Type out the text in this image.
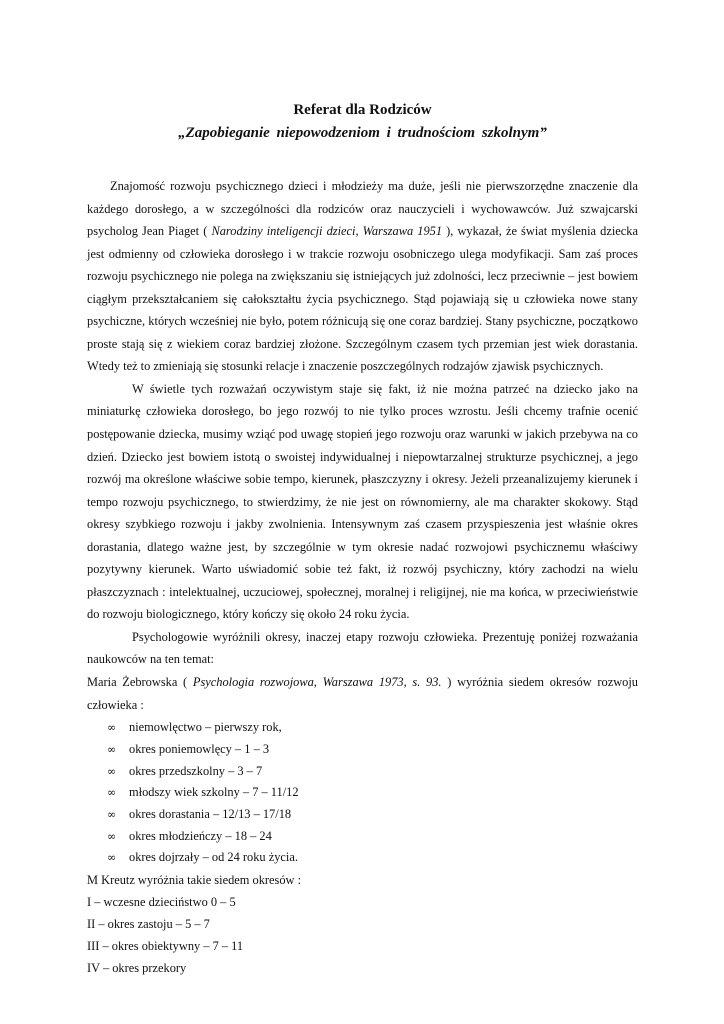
Referat dla Rodziców

„Zapobieganie niepowodzeniom i trudnościom szkolnym”

Znajomość rozwoju psychicznego dzieci i młodzieży ma duże, jeśli nie pierwszorzędne znaczenie dla każdego dorosłego, a w szczególności dla rodziców oraz nauczycieli i wychowawców. Już szwajcarski psycholog Jean Piaget ( Narodziny inteligencji dzieci, Warszawa 1951 ), wykazał, że świat myślenia dziecka jest odmienny od człowieka dorosłego i w trakcie rozwoju osobniczego ulega modyfikacji. Sam zaś proces rozwoju psychicznego nie polega na zwiększaniu się istniejących już zdolności, lecz przeciwnie – jest bowiem ciągłym przekształcaniem się całokształtu życia psychicznego. Stąd pojawiają się u człowieka nowe stany psychiczne, których wcześniej nie było, potem różnicują się one coraz bardziej. Stany psychiczne, początkowo proste stają się z wiekiem coraz bardziej złożone. Szczególnym czasem tych przemian jest wiek dorastania. Wtedy też to zmieniają się stosunki relacje i znaczenie poszczególnych rodzajów zjawisk psychicznych.

W świetle tych rozważań oczywistym staje się fakt, iż nie można patrzeć na dziecko jako na miniaturkę człowieka dorosłego, bo jego rozwój to nie tylko proces wzrostu. Jeśli chcemy trafnie ocenić postępowanie dziecka, musimy wziąć pod uwagę stopień jego rozwoju oraz warunki w jakich przebywa na co dzień. Dziecko jest bowiem istotą o swoistej indywidualnej i niepowtarzalnej strukturze psychicznej, a jego rozwój ma określone właściwe sobie tempo, kierunek, płaszczyzny i okresy. Jeżeli przeanalizujemy kierunek i tempo rozwoju psychicznego, to stwierdzimy, że nie jest on równomierny, ale ma charakter skokowy. Stąd okresy szybkiego rozwoju i jakby zwolnienia. Intensywnym zaś czasem przyspieszenia jest właśnie okres dorastania, dlatego ważne jest, by szczególnie w tym okresie nadać rozwojowi psychicznemu właściwy pozytywny kierunek. Warto uświadomić sobie też fakt, iż rozwój psychiczny, który zachodzi na wielu płaszczyznach : intelektualnej, uczuciowej, społecznej, moralnej i religijnej, nie ma końca, w przeciwieństwie do rozwoju biologicznego, który kończy się około 24 roku życia.

Psychologowie wyróżnili okresy, inaczej etapy rozwoju człowieka. Prezentuję poniżej rozważania naukowców na ten temat:

Maria Żebrowska ( Psychologia rozwojowa, Warszawa 1973, s. 93. ) wyróżnia siedem okresów rozwoju człowieka :

∞ niemowlęctwo – pierwszy rok,
∞ okres poniemowlęcy – 1 – 3
∞ okres przedszkolny – 3 – 7
∞ młodszy wiek szkolny – 7 – 11/12
∞ okres dorastania – 12/13 – 17/18
∞ okres młodzieńczy – 18 – 24
∞ okres dojrzały – od 24 roku życia.

M Kreutz wyróżnia takie siedem okresów :

I – wczesne dzieciństwo 0 – 5

II – okres zastoju – 5 – 7

III – okres obiektywny – 7 – 11

IV – okres przekory
